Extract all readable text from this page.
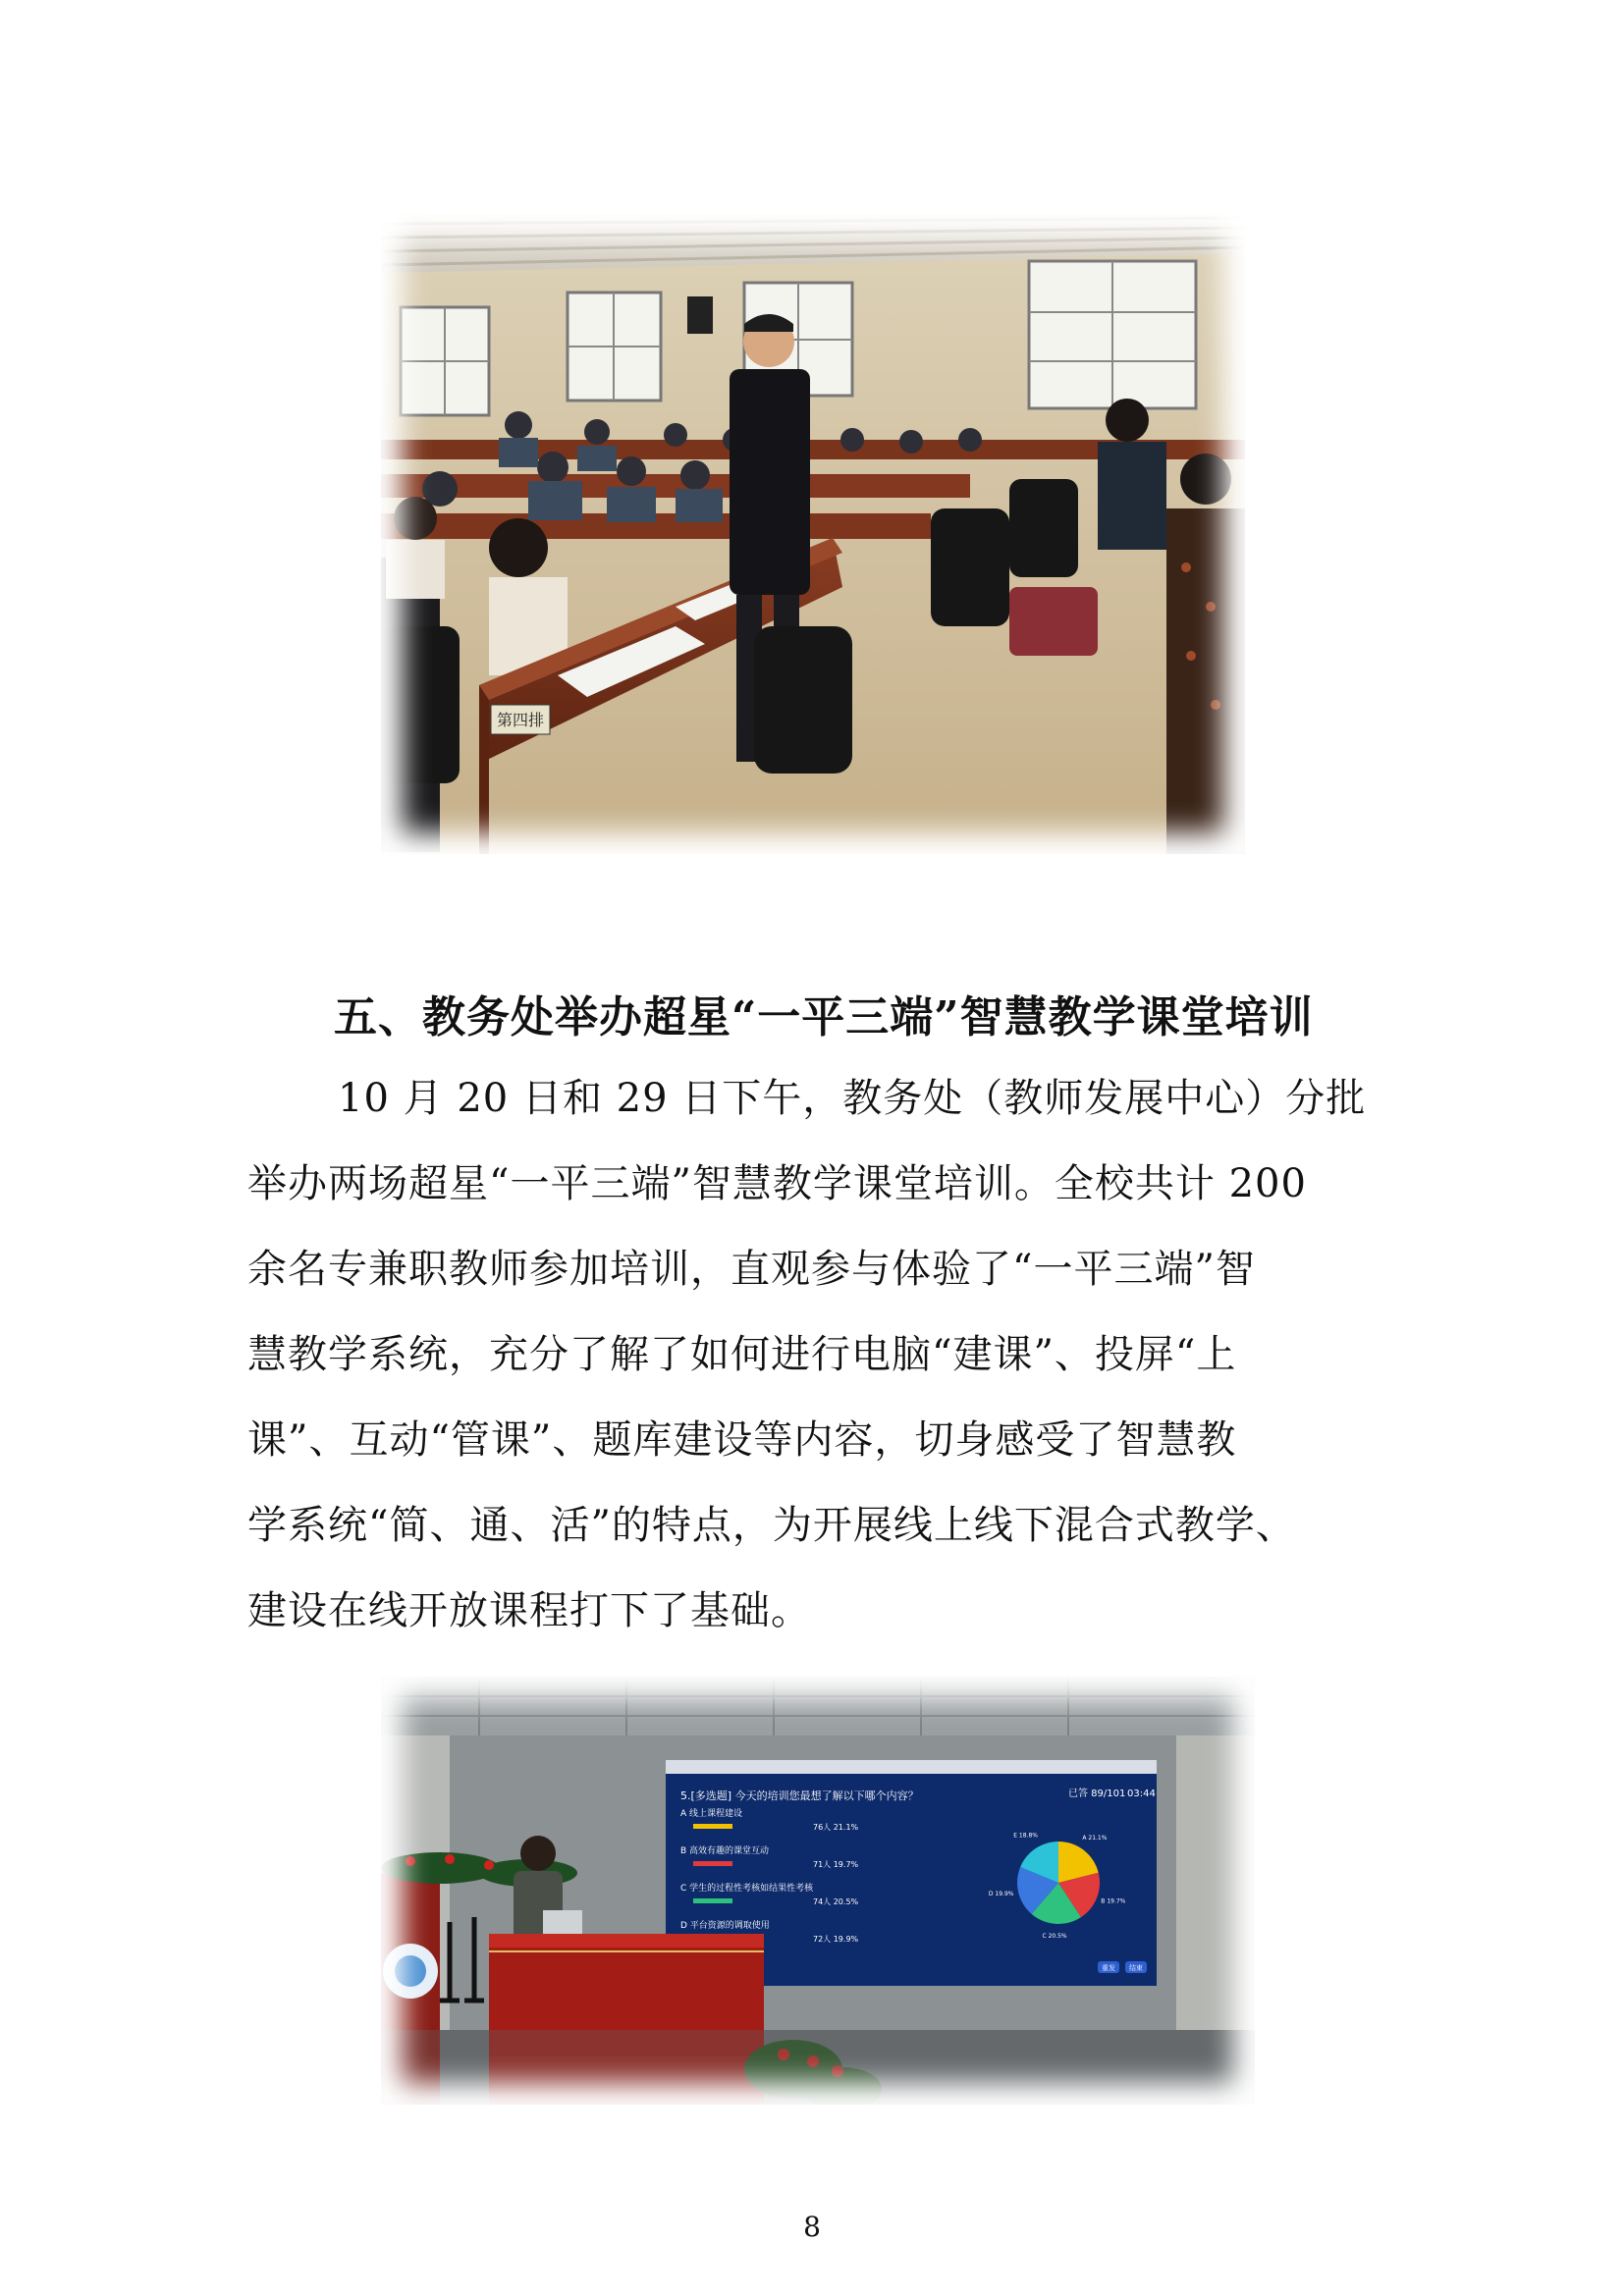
第四排
五、教务处举办超星“一平三端”智慧教学课堂培训

10 月 20 日和 29 日下午，教务处（教师发展中心）分批

举办两场超星“一平三端”智慧教学课堂培训。全校共计 200

余名专兼职教师参加培训，直观参与体验了“一平三端”智

慧教学系统，充分了解了如何进行电脑“建课”、投屏“上

课”、互动“管课”、题库建设等内容，切身感受了智慧教

学系统“简、通、活”的特点，为开展线上线下混合式教学、

建设在线开放课程打下了基础。

5.[多选题] 今天的培训您最想了解以下哪个内容？	已答 89/101 03:44
A 线上课程建设
76人 21.1%
B 高效有趣的课堂互动
71人 19.7%
C 学生的过程性考核如结果性考核
74人 20.5%
D 平台资源的调取使用
72人 19.9%
A 21.1%
B 19.7%
C 20.5%
D 19.9%
E 18.8%
重发 结束
8
